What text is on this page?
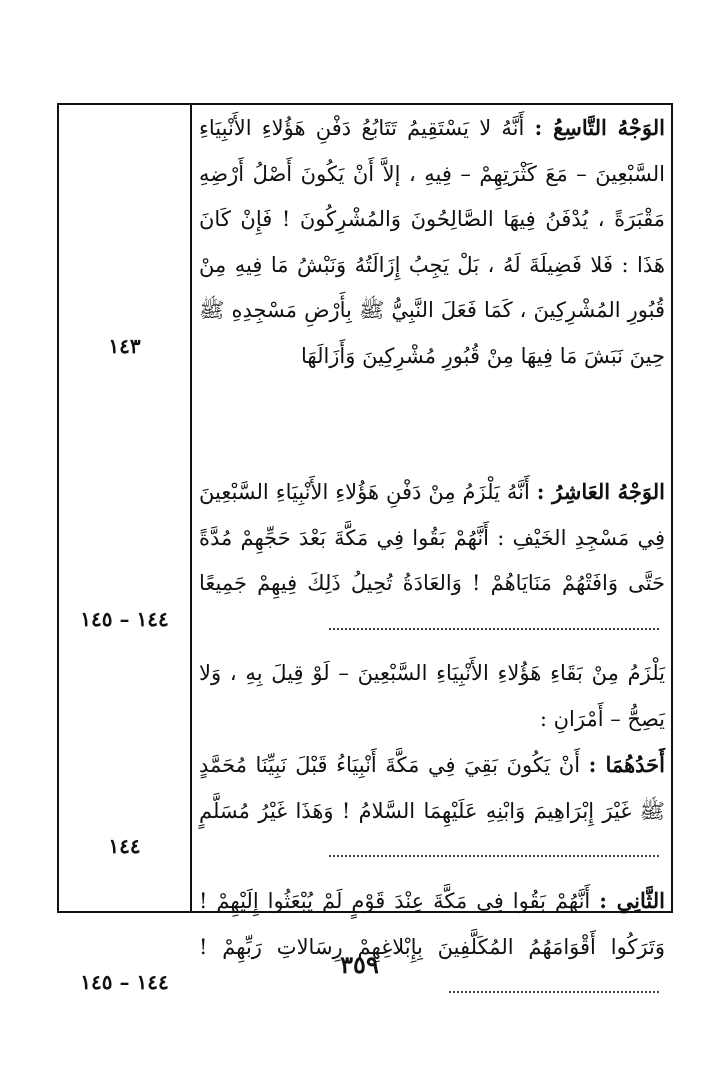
الوَجْهُ التَّاسِعُ : أَنَّهُ لا يَسْتَقِيمُ تَتَابُعُ دَفْنِ هَؤُلاءِ الأَنْبِيَاءِ السَّبْعِينَ – مَعَ كَثْرَتِهِمْ – فِيهِ ، إلاَّ أَنْ يَكُونَ أَصْلُ أَرْضِهِ مَقْبَرَةً ، يُدْفَنُ فِيهَا الصَّالِحُونَ وَالمُشْرِكُونَ ! فَإِنْ كَانَ هَذَا : فَلا فَضِيلَةَ لَهُ ، بَلْ يَجِبُ إِزَالَتُهُ وَنَبْشُ مَا فِيهِ مِنْ قُبُورِ المُشْرِكِينَ ، كَمَا فَعَلَ النَّبِيُّ ﷺ بِأَرْضِ مَسْجِدِهِ ﷺ حِينَ نَبَشَ مَا فِيهَا مِنْ قُبُورِ مُشْرِكِينَ وَأَزَالَهَا
١٤٣
الوَجْهُ العَاشِرُ : أَنَّهُ يَلْزَمُ مِنْ دَفْنِ هَؤُلاءِ الأَنْبِيَاءِ السَّبْعِينَ فِي مَسْجِدِ الخَيْفِ : أَنَّهُمْ بَقُوا فِي مَكَّةَ بَعْدَ حَجِّهِمْ مُدَّةً حَتَّى وَافَتْهُمْ مَنَايَاهُمْ ! وَالعَادَةُ تُحِيلُ ذَلِكَ فِيهِمْ جَمِيعًا
١٤٤ – ١٤٥
يَلْزَمُ مِنْ بَقَاءِ هَؤُلاءِ الأَنْبِيَاءِ السَّبْعِينَ – لَوْ قِيلَ بِهِ ، وَلا يَصِحُّ – أَمْرَانِ :
أَحَدُهُمَا : أَنْ يَكُونَ بَقِيَ فِي مَكَّةَ أَنْبِيَاءُ قَبْلَ نَبِيِّنَا مُحَمَّدٍ ﷺ غَيْرَ إِبْرَاهِيمَ وَابْنِهِ عَلَيْهِمَا السَّلامُ ! وَهَذَا غَيْرُ مُسَلَّمٍ
١٤٤
الثَّانِي : أَنَّهُمْ بَقُوا فِي مَكَّةَ عِنْدَ قَوْمٍ لَمْ يُبْعَثُوا إِلَيْهِمْ ! وَتَرَكُوا أَقْوَامَهُمُ المُكَلَّفِينَ بِإِبْلاغِهِمْ رِسَالاتِ رَبِّهِمْ !
١٤٤ – ١٤٥
٣٥٩
